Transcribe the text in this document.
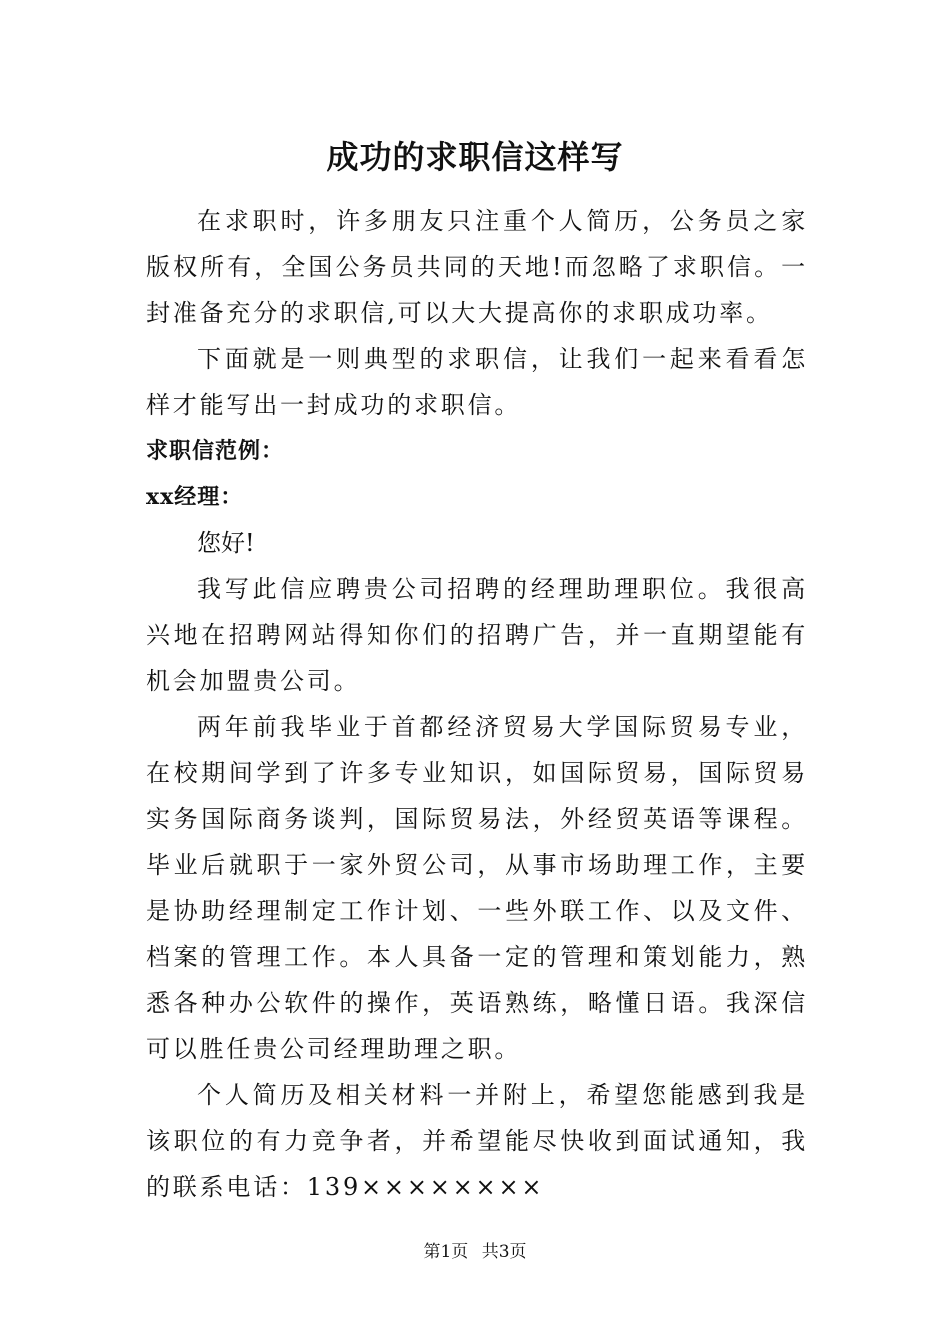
成功的求职信这样写

在求职时，许多朋友只注重个人简历，公务员之家版权所有，全国公务员共同的天地!而忽略了求职信。一封准备充分的求职信,可以大大提高你的求职成功率。

下面就是一则典型的求职信，让我们一起来看看怎样才能写出一封成功的求职信。

求职信范例：

xx经理：

您好!

我写此信应聘贵公司招聘的经理助理职位。我很高兴地在招聘网站得知你们的招聘广告，并一直期望能有机会加盟贵公司。

两年前我毕业于首都经济贸易大学国际贸易专业，在校期间学到了许多专业知识，如国际贸易，国际贸易实务国际商务谈判，国际贸易法，外经贸英语等课程。毕业后就职于一家外贸公司，从事市场助理工作，主要是协助经理制定工作计划、一些外联工作、以及文件、档案的管理工作。本人具备一定的管理和策划能力，熟悉各种办公软件的操作，英语熟练，略懂日语。我深信可以胜任贵公司经理助理之职。

个人简历及相关材料一并附上，希望您能感到我是该职位的有力竞争者，并希望能尽快收到面试通知，我的联系电话：139××××××××

第1页 共3页
